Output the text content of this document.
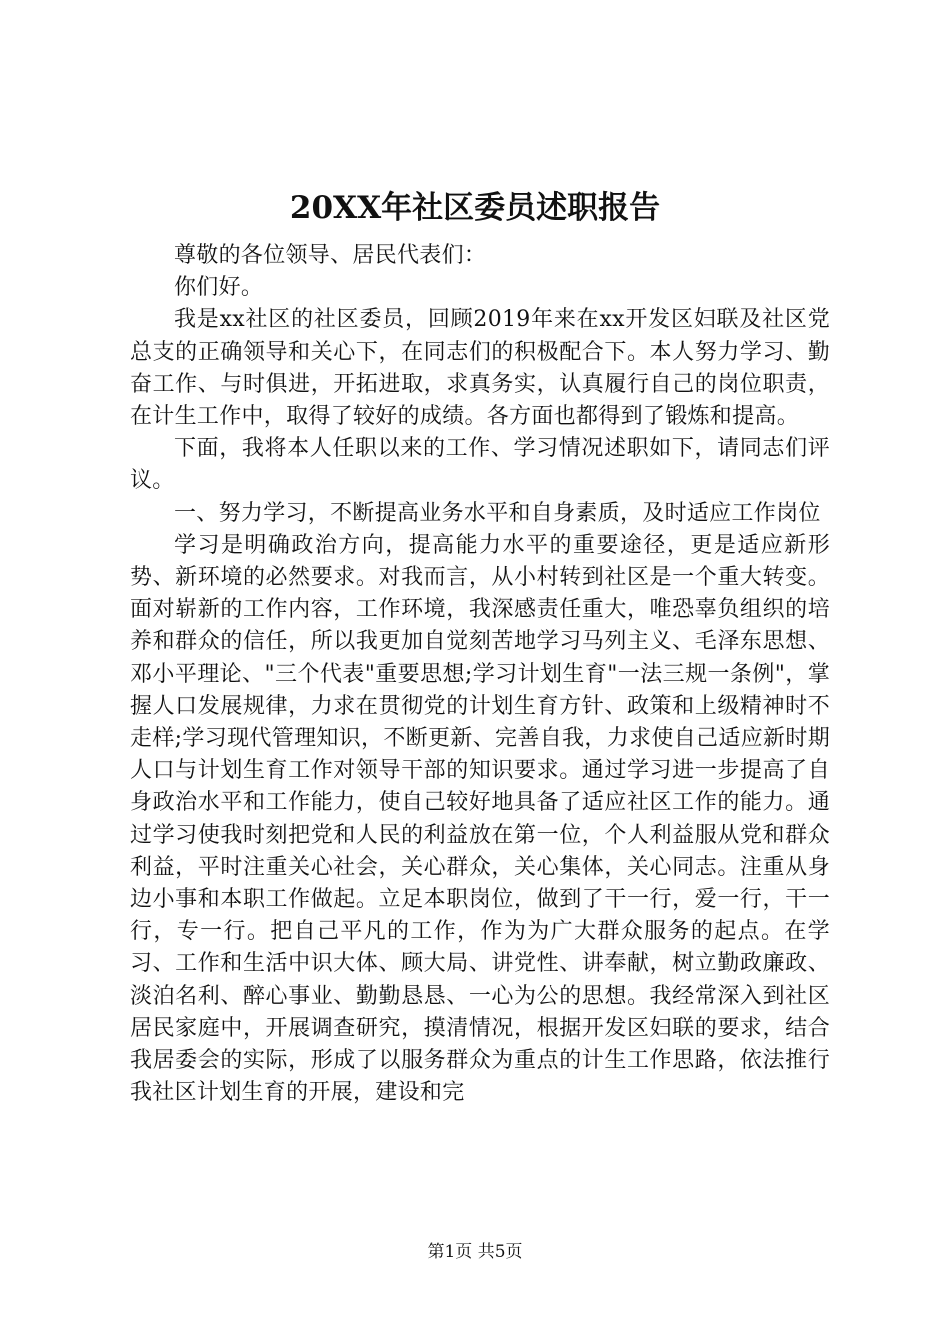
20XX年社区委员述职报告

尊敬的各位领导、居民代表们：

你们好。

我是xx社区的社区委员，回顾2019年来在xx开发区妇联及社区党总支的正确领导和关心下，在同志们的积极配合下。本人努力学习、勤奋工作、与时俱进，开拓进取，求真务实，认真履行自己的岗位职责，在计生工作中，取得了较好的成绩。各方面也都得到了锻炼和提高。

下面，我将本人任职以来的工作、学习情况述职如下，请同志们评议。

一、努力学习，不断提高业务水平和自身素质，及时适应工作岗位

学习是明确政治方向，提高能力水平的重要途径，更是适应新形势、新环境的必然要求。对我而言，从小村转到社区是一个重大转变。面对崭新的工作内容，工作环境，我深感责任重大，唯恐辜负组织的培养和群众的信任，所以我更加自觉刻苦地学习马列主义、毛泽东思想、邓小平理论、"三个代表"重要思想;学习计划生育"一法三规一条例"，掌握人口发展规律，力求在贯彻党的计划生育方针、政策和上级精神时不走样;学习现代管理知识，不断更新、完善自我，力求使自己适应新时期人口与计划生育工作对领导干部的知识要求。通过学习进一步提高了自身政治水平和工作能力，使自己较好地具备了适应社区工作的能力。通过学习使我时刻把党和人民的利益放在第一位，个人利益服从党和群众利益，平时注重关心社会，关心群众，关心集体，关心同志。注重从身边小事和本职工作做起。立足本职岗位，做到了干一行，爱一行，干一行，专一行。把自己平凡的工作，作为为广大群众服务的起点。在学习、工作和生活中识大体、顾大局、讲党性、讲奉献，树立勤政廉政、淡泊名利、醉心事业、勤勤恳恳、一心为公的思想。我经常深入到社区居民家庭中，开展调查研究，摸清情况，根据开发区妇联的要求，结合我居委会的实际，形成了以服务群众为重点的计生工作思路，依法推行我社区计划生育的开展，建设和完

第1页 共5页
